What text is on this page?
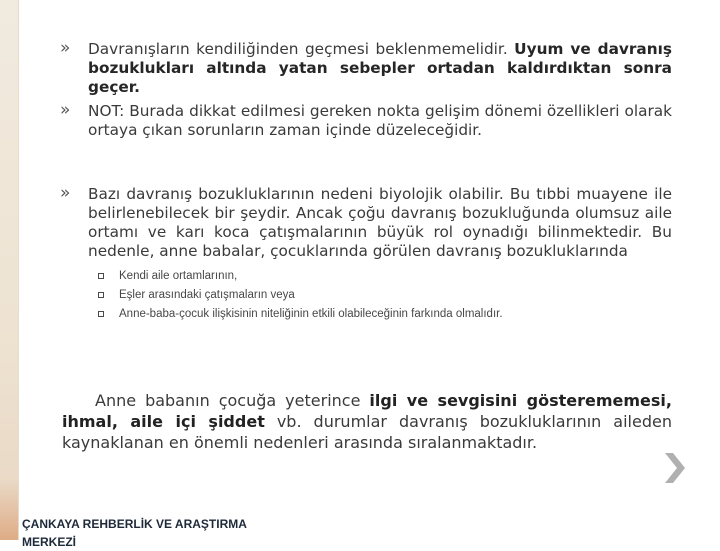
» Davranışların kendiliğinden geçmesi beklenmemelidir. Uyum ve davranış bozuklukları altında yatan sebepler ortadan kaldırdıktan sonra geçer.
» NOT: Burada dikkat edilmesi gereken nokta gelişim dönemi özellikleri olarak ortaya çıkan sorunların zaman içinde düzeleceğidir.
» Bazı davranış bozukluklarının nedeni biyolojik olabilir. Bu tıbbi muayene ile belirlenebilecek bir şeydir. Ancak çoğu davranış bozukluğunda olumsuz aile ortamı ve karı koca çatışmalarının büyük rol oynadığı bilinmektedir. Bu nedenle, anne babalar, çocuklarında görülen davranış bozukluklarında
Kendi aile ortamlarının,
Eşler arasındaki çatışmaların veya
Anne-baba-çocuk ilişkisinin niteliğinin etkili olabileceğinin farkında olmalıdır.
Anne babanın çocuğa yeterince ilgi ve sevgisini gösterememesi, ihmal, aile içi şiddet vb. durumlar davranış bozukluklarının aileden kaynaklanan en önemli nedenleri arasında sıralanmaktadır.
ÇANKAYA REHBERLİK VE ARAŞTIRMA MERKEZİ
